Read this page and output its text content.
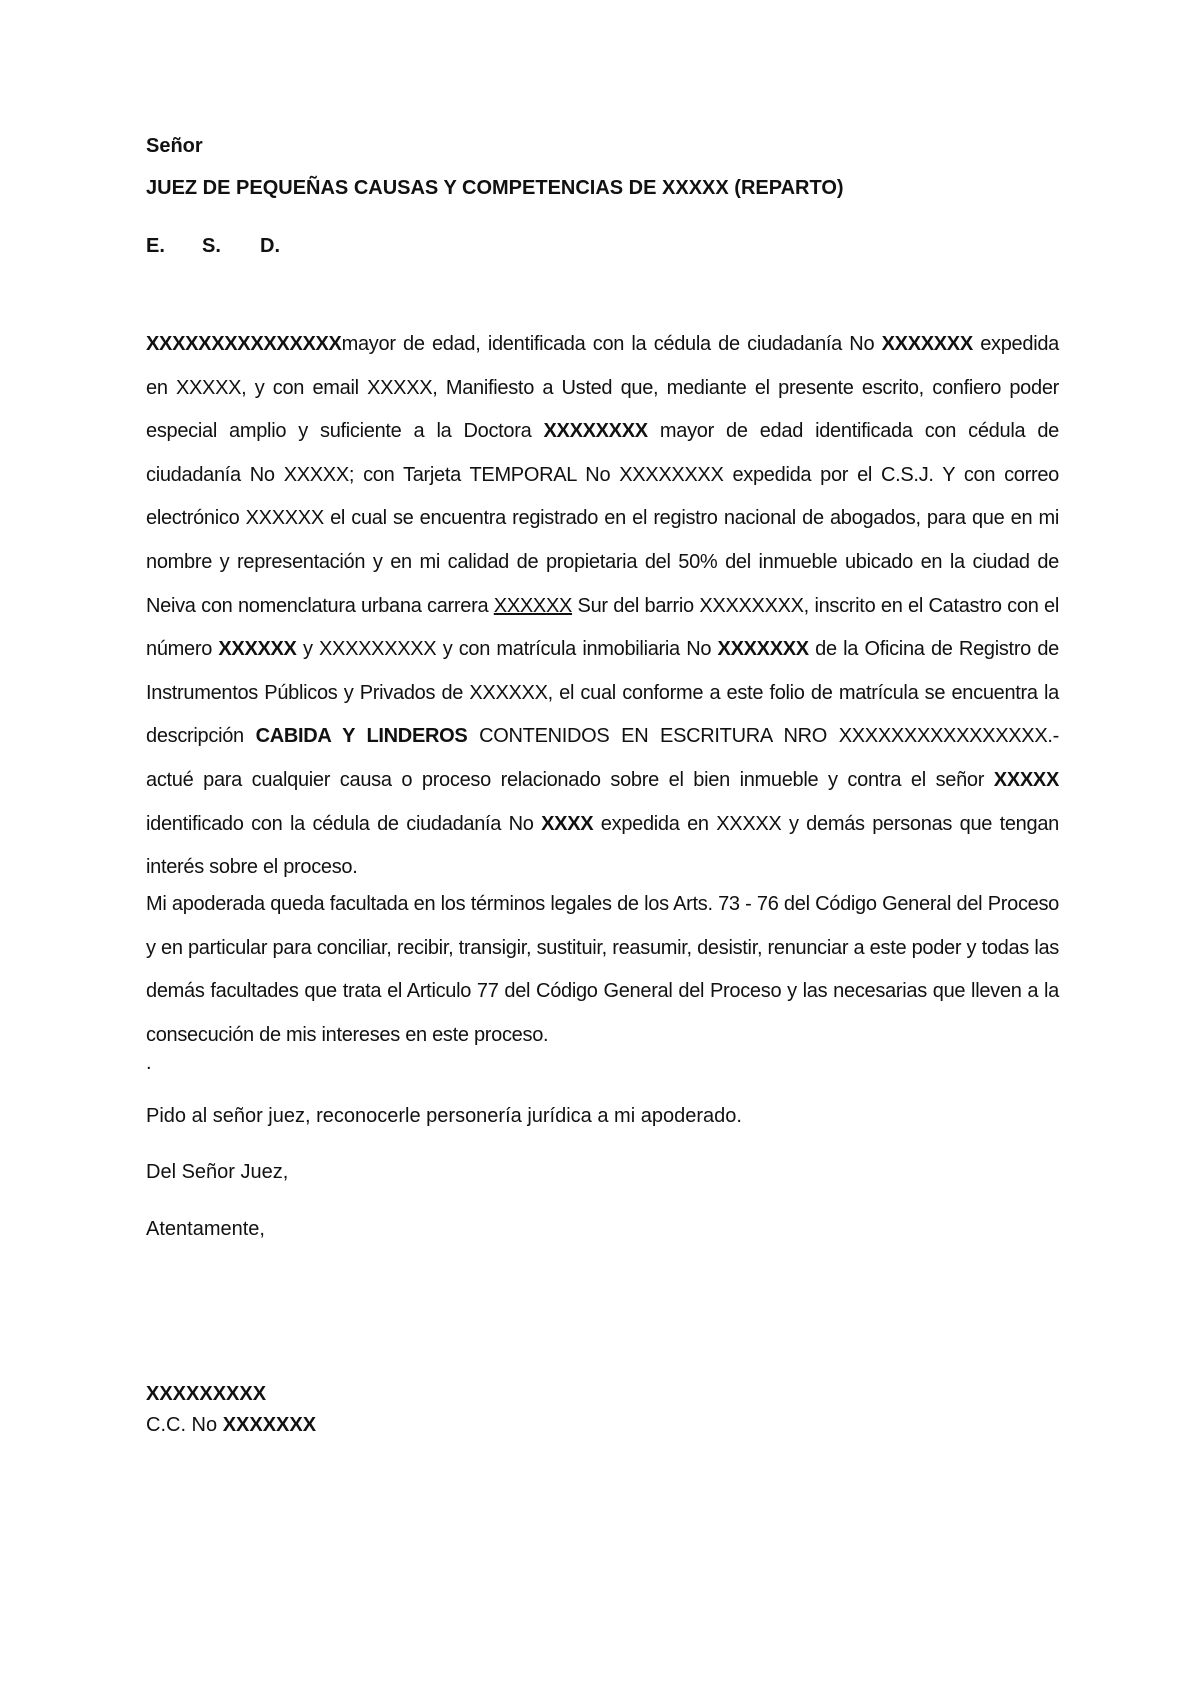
Señor

JUEZ DE PEQUEÑAS CAUSAS Y COMPETENCIAS DE XXXXX (REPARTO)

E.	S.	D.

XXXXXXXXXXXXXXXmayor de edad, identificada con la cédula de ciudadanía No XXXXXXX expedida en XXXXX, y con email XXXXX, Manifiesto a Usted que, mediante el presente escrito, confiero poder especial amplio y suficiente a la Doctora XXXXXXXX mayor de edad identificada con cédula de ciudadanía No XXXXX; con Tarjeta TEMPORAL No XXXXXXXX expedida por el C.S.J. Y con correo electrónico XXXXXX el cual se encuentra registrado en el registro nacional de abogados, para que en mi nombre y representación y en mi calidad de propietaria del 50% del inmueble ubicado en la ciudad de Neiva con nomenclatura urbana carrera XXXXXX Sur del barrio XXXXXXXX, inscrito en el Catastro con el número XXXXXX y XXXXXXXXX y con matrícula inmobiliaria No XXXXXXX de la Oficina de Registro de Instrumentos Públicos y Privados de XXXXXX, el cual conforme a este folio de matrícula se encuentra la descripción CABIDA Y LINDEROS CONTENIDOS EN ESCRITURA NRO XXXXXXXXXXXXXXXX.- actué para cualquier causa o proceso relacionado sobre el bien inmueble y contra el señor XXXXX identificado con la cédula de ciudadanía No XXXX expedida en XXXXX y demás personas que tengan interés sobre el proceso.

Mi apoderada queda facultada en los términos legales de los Arts. 73 - 76 del Código General del Proceso y en particular para conciliar, recibir, transigir, sustituir, reasumir, desistir, renunciar a este poder y todas las demás facultades que trata el Articulo 77 del Código General del Proceso y las necesarias que lleven a la consecución de mis intereses en este proceso.

.

Pido al señor juez, reconocerle personería jurídica a mi apoderado.

Del Señor Juez,

Atentamente,

XXXXXXXXX
C.C. No XXXXXXX
